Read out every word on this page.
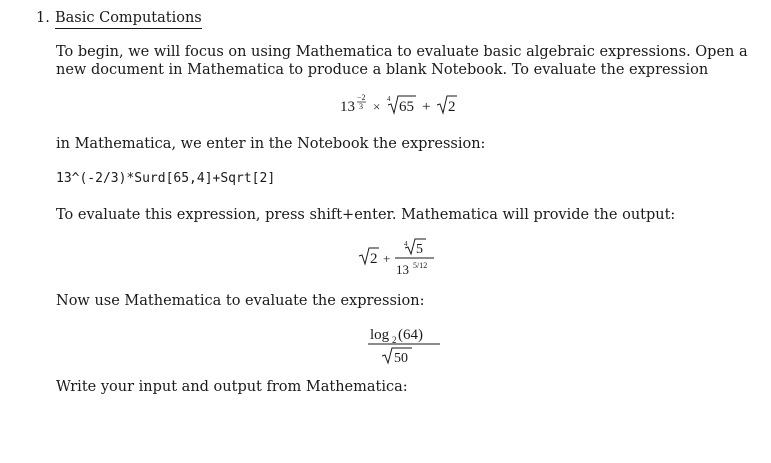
1. Basic Computations
To begin, we will focus on using Mathematica to evaluate basic algebraic expressions. Open a new document in Mathematica to produce a blank Notebook. To evaluate the expression
13
−2
3 × 4 65 + 2
in Mathematica, we enter in the Notebook the expression:
13^(-2/3)*Surd[65,4]+Sqrt[2]
To evaluate this expression, press shift+enter. Mathematica will provide the output:
2 +
4 5
13 5/12
Now use Mathematica to evaluate the expression:
log 2 (64)
50
Write your input and output from Mathematica:
